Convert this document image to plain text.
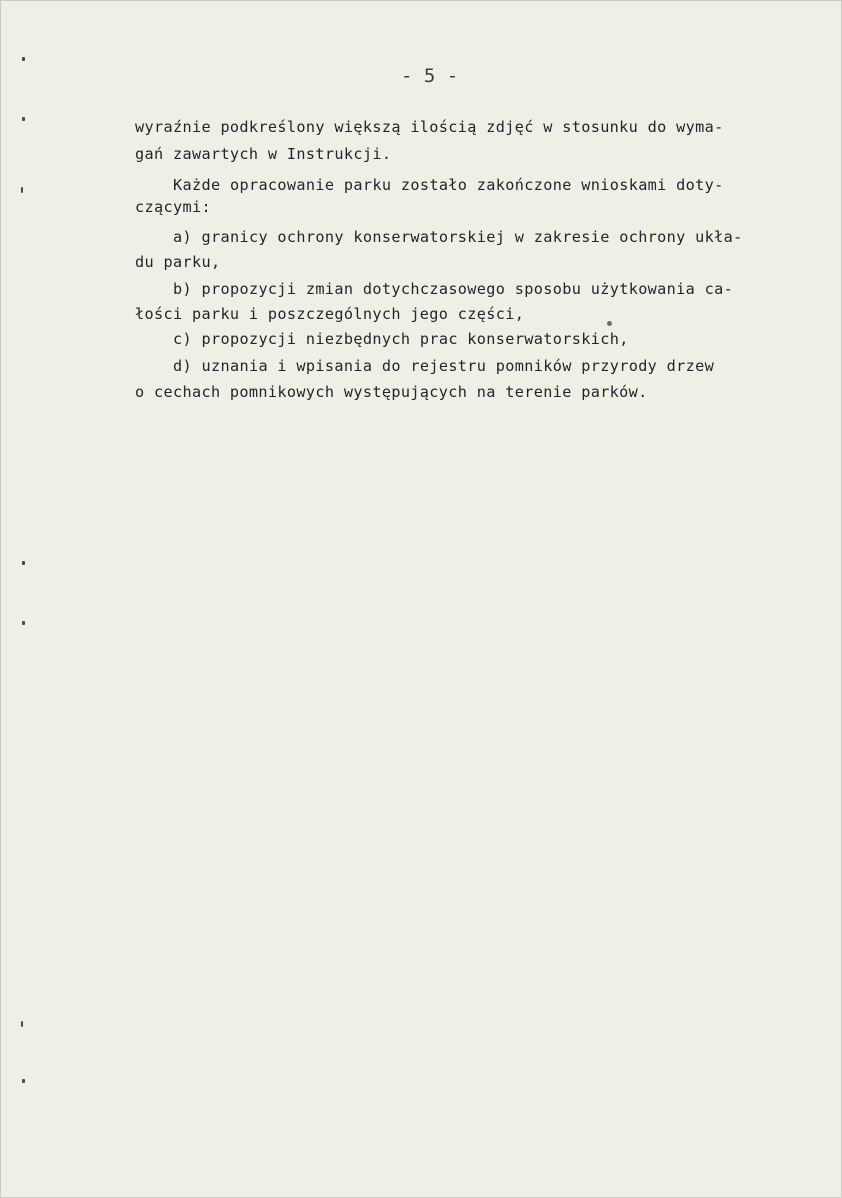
- 5 -
wyraźnie podkreślony większą ilością zdjęć w stosunku do wyma-
gań zawartych w Instrukcji.
Każde opracowanie parku zostało zakończone wnioskami doty-
czącymi:
a) granicy ochrony konserwatorskiej w zakresie ochrony ukła-
du parku,
b) propozycji zmian dotychczasowego sposobu użytkowania ca-
łości parku i poszczególnych jego części,
c) propozycji niezbędnych prac konserwatorskich,
d) uznania i wpisania do rejestru pomników przyrody drzew
o cechach pomnikowych występujących na terenie parków.
